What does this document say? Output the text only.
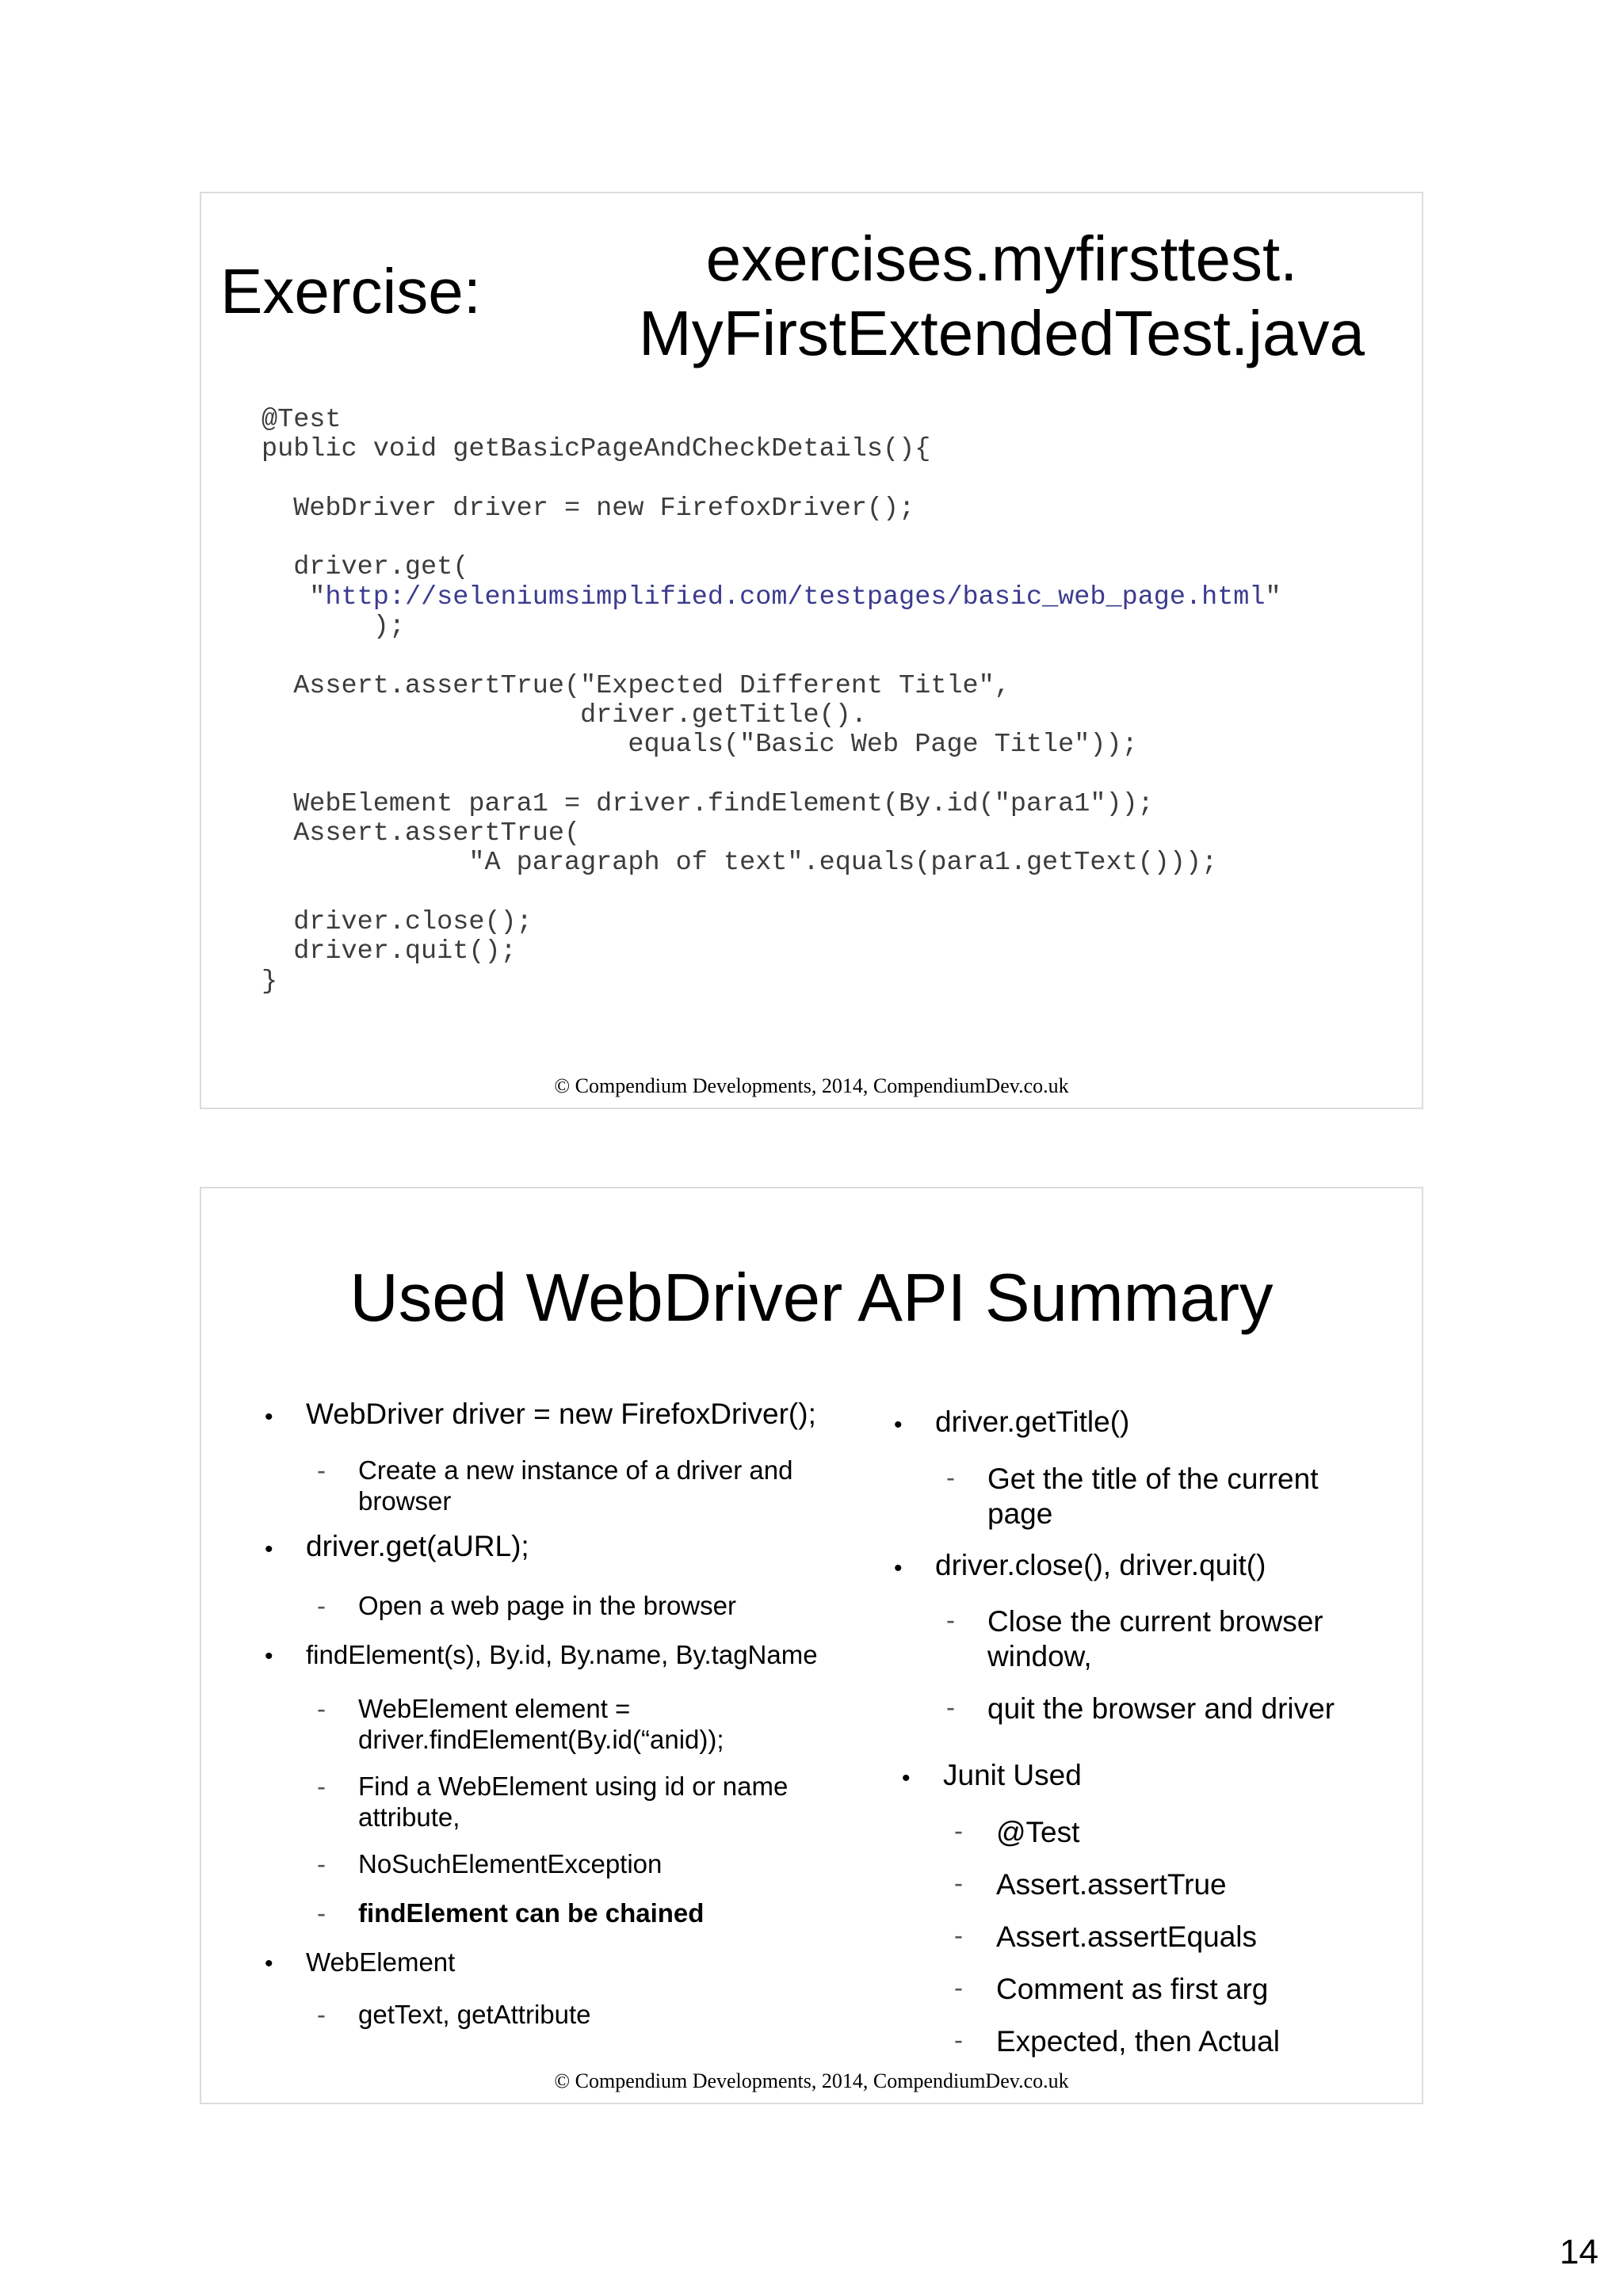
Exercise:	exercises.myfirsttest.
MyFirstExtendedTest.java
@Test
public void getBasicPageAndCheckDetails(){

WebDriver driver = new FirefoxDriver();

driver.get(
"http://seleniumsimplified.com/testpages/basic_web_page.html"
);

Assert.assertTrue("Expected Different Title",
driver.getTitle().
equals("Basic Web Page Title"));

WebElement para1 = driver.findElement(By.id("para1"));
Assert.assertTrue(
"A paragraph of text".equals(para1.getText()));

driver.close();
driver.quit();
}
© Compendium Developments, 2014, CompendiumDev.co.uk
Used WebDriver API Summary
• WebDriver driver = new FirefoxDriver();
- Create a new instance of a driver and
browser
• driver.get(aURL);
- Open a web page in the browser
• findElement(s), By.id, By.name, By.tagName
- WebElement element =
driver.findElement(By.id(“anid));
- Find a WebElement using id or name
attribute,
- NoSuchElementException
- findElement can be chained
• WebElement
- getText, getAttribute
• driver.getTitle()
- Get the title of the current
page
• driver.close(), driver.quit()
- Close the current browser
window,
- quit the browser and driver
• Junit Used
- @Test
- Assert.assertTrue
- Assert.assertEquals
- Comment as first arg
- Expected, then Actual
© Compendium Developments, 2014, CompendiumDev.co.uk
14
